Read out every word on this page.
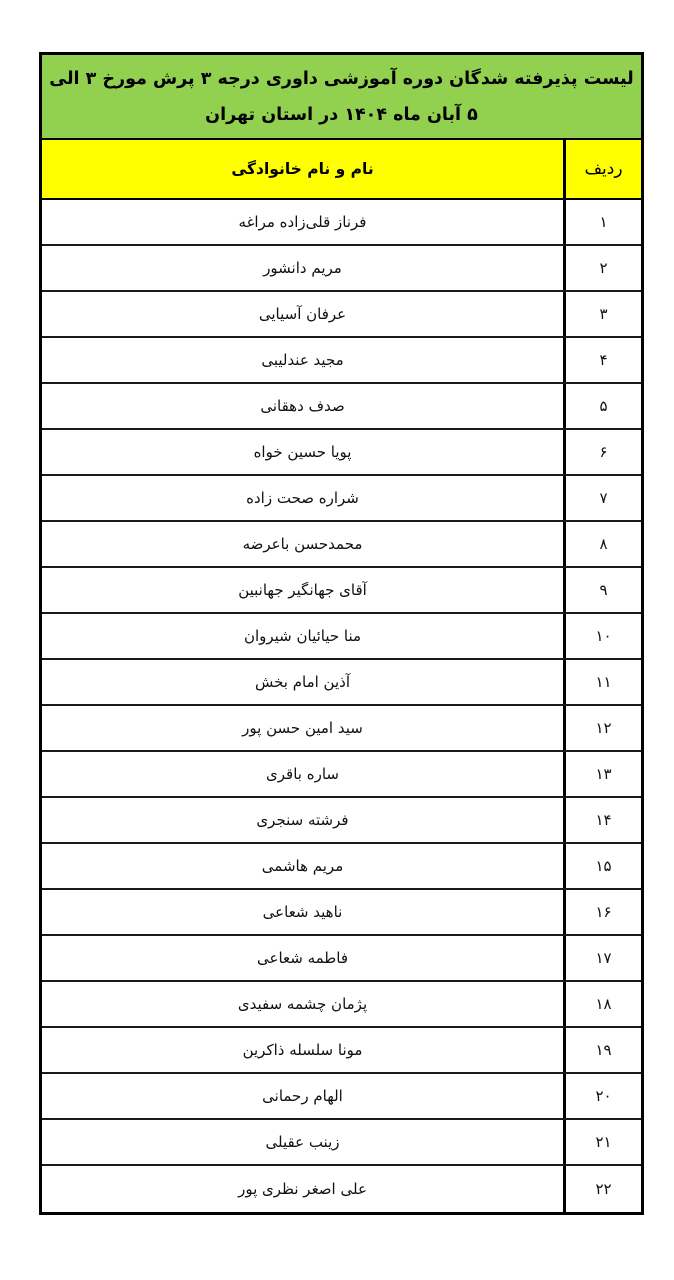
لیست پذیرفته شدگان دوره آموزشی داوری درجه ۳ پرش مورخ ۳ الی
۵ آبان ماه ۱۴۰۴ در استان تهران
ردیف
نام و نام خانوادگی
۱
فرناز قلی‌زاده مراغه
۲
مریم دانشور
۳
عرفان آسیایی
۴
مجید عندلیبی
۵
صدف دهقانی
۶
پویا حسین خواه
۷
شراره صحت زاده
۸
محمدحسن باعرضه
۹
آقای جهانگیر جهانبین
۱۰
منا حیائیان شیروان
۱۱
آذین امام بخش
۱۲
سید امین حسن پور
۱۳
ساره باقری
۱۴
فرشته سنجری
۱۵
مریم هاشمی
۱۶
ناهید شعاعی
۱۷
فاطمه شعاعی
۱۸
پژمان چشمه سفیدی
۱۹
مونا سلسله ذاکرین
۲۰
الهام رحمانی
۲۱
زینب عقیلی
۲۲
علی اصغر نظری پور
